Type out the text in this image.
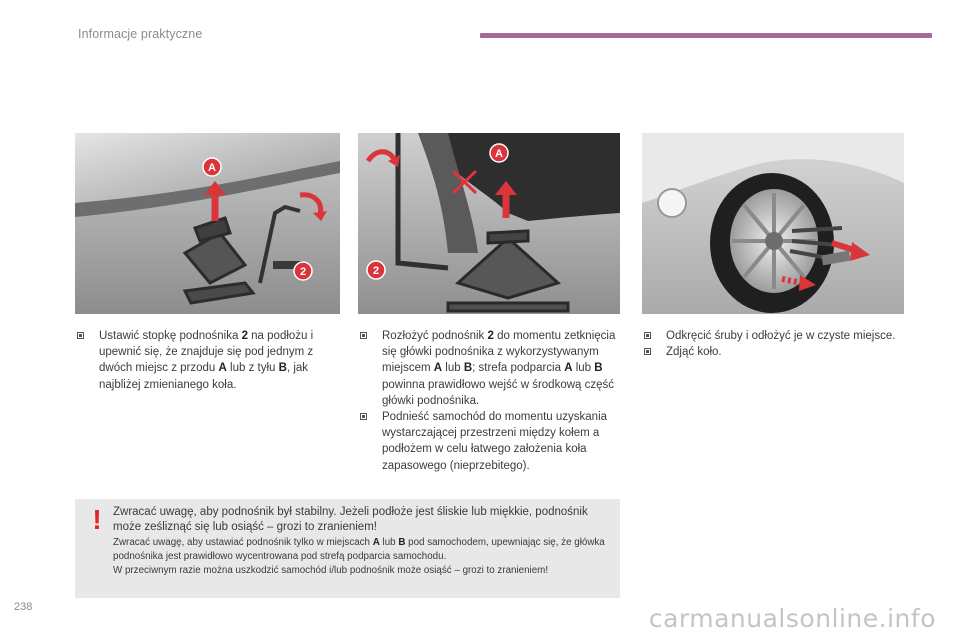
Informacje praktyczne
A
2
A
2
Ustawić stopkę podnośnika 2 na podłożu i upewnić się, że znajduje się pod jednym z dwóch miejsc z przodu A lub z tyłu B, jak najbliżej zmienianego koła.
Rozłożyć podnośnik 2 do momentu zetknięcia się główki podnośnika z wykorzystywanym miejscem A lub B; strefa podparcia A lub B powinna prawidłowo wejść w środkową część główki podnośnika.
Podnieść samochód do momentu uzyskania wystarczającej przestrzeni między kołem a podłożem w celu łatwego założenia koła zapasowego (nieprzebitego).
Odkręcić śruby i odłożyć je w czyste miejsce.
Zdjąć koło.
! Zwracać uwagę, aby podnośnik był stabilny. Jeżeli podłoże jest śliskie lub miękkie, podnośnik może ześliznąć się lub osiąść – grozi to zranieniem!
Zwracać uwagę, aby ustawiać podnośnik tylko w miejscach A lub B pod samochodem, upewniając się, że główka podnośnika jest prawidłowo wycentrowana pod strefą podparcia samochodu.
W przeciwnym razie można uszkodzić samochód i/lub podnośnik może osiąść – grozi to zranieniem!
238	carmanualsonline.info
